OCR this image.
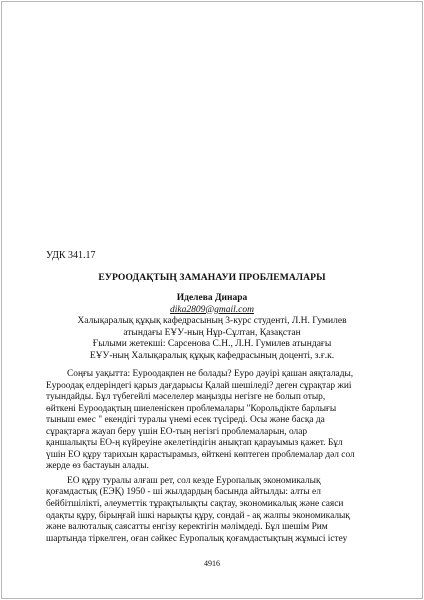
УДК 341.17
ЕУРООДАҚТЫҢ ЗАМАНАУИ ПРОБЛЕМАЛАРЫ
Иделева Динара
dika2809@gmail.com
Халықаралық құқық кафедрасының 3-курс студенті, Л.Н. Гумилев
атындағы ЕҰУ-ның Нұр-Сұлтан, Қазақстан
Ғылыми жетекші: Сарсенова С.Н., Л.Н. Гумилев атындағы
ЕҰУ-ның Халықаралық құқық кафедрасының доценті, з.ғ.к.
Соңғы уақытта: Еуроодақпен не болады? Еуро дәуірі қашан аяқталады,
Еуроодақ елдеріндегі қарыз дағдарысы Қалай шешіледі? деген сұрақтар жиі
туындайды. Бұл түбегейлі мәселелер маңызды негізге не болып отыр,
өйткені Еуроодақтың шиеленіскен проблемалары "Корольдікте барлығы
тыныш емес " екендігі туралы үнемі есек түсіреді. Осы және басқа да
сұрақтарға жауап беру үшін ЕО-тың негізгі проблемаларын, олар
қаншалықты ЕО-ң күйреуіне әкелетіндігін анықтап қарауымыз қажет. Бұл
үшін ЕО құру тарихын қарастырамыз, өйткені көптеген проблемалар дәл сол
жерде өз бастауын алады.
ЕО құру туралы алғаш рет, сол кезде Еуропалық экономикалық
қоғамдастық (ЕЭҚ) 1950 - ші жылдардың басында айтылды: алты ел
бейбітшілікті, әлеуметтік тұрақтылықты сақтау, экономикалық және саяси
одақты құру, бірыңғай ішкі нарықты құру, сондай - ақ жалпы экономикалық
және валюталық саясатты енгізу керектігін мәлімдеді. Бұл шешім Рим
шартында тіркелген, оған сәйкес Еуропалық қоғамдастықтың жұмысі істеу
4916
